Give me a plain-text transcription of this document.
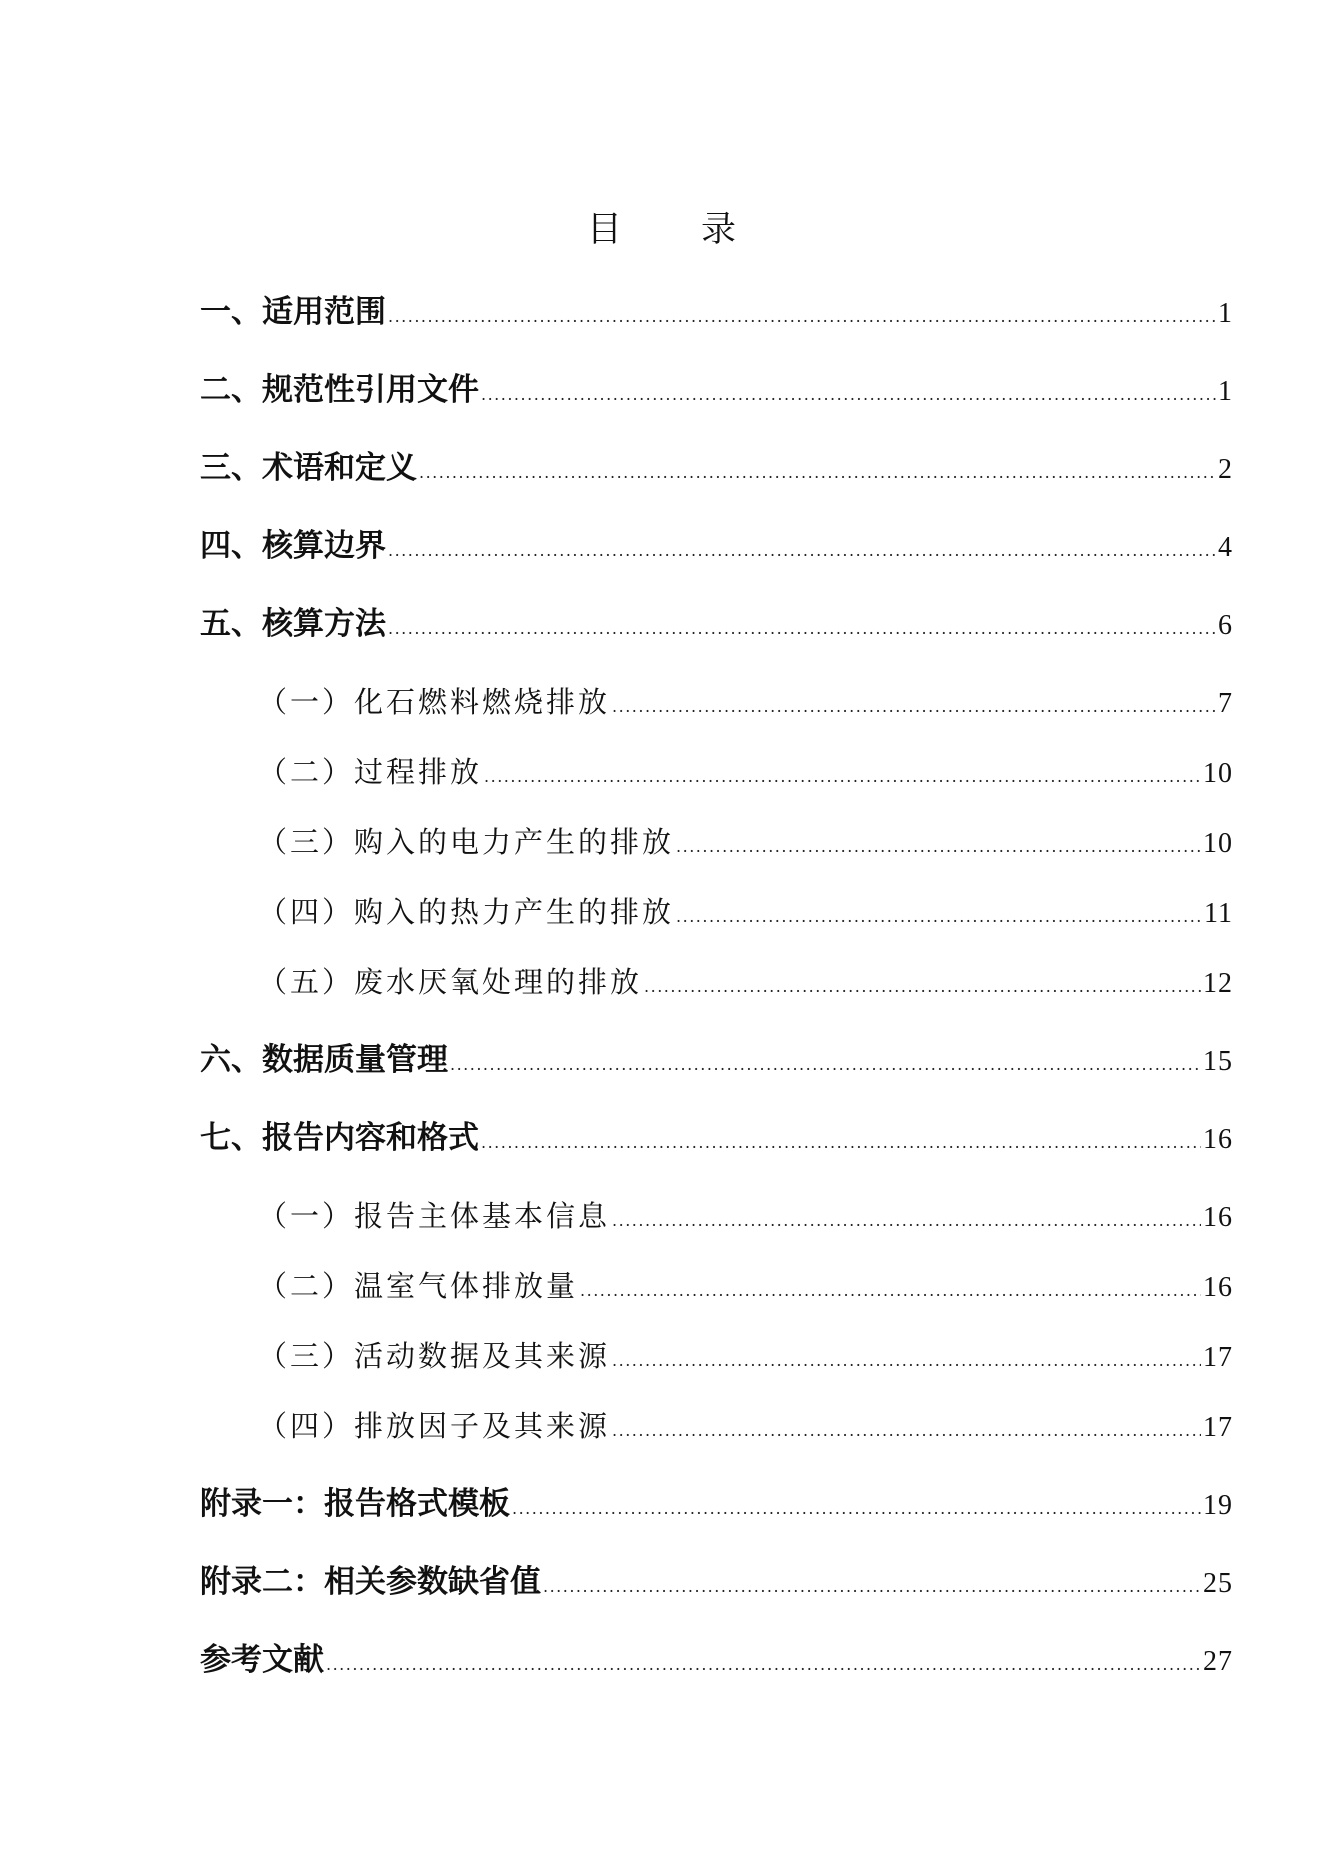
目 录
一、适用范围 .....	1
二、规范性引用文件 .....	1
三、术语和定义 .....	2
四、核算边界 .....	4
五、核算方法 .....	6
（一）化石燃料燃烧排放 .....	7
（二）过程排放 .....	10
（三）购入的电力产生的排放 .....	10
（四）购入的热力产生的排放 .....	11
（五）废水厌氧处理的排放 .....	12
六、数据质量管理 .....	15
七、报告内容和格式 .....	16
（一）报告主体基本信息 .....	16
（二）温室气体排放量 .....	16
（三）活动数据及其来源 .....	17
（四）排放因子及其来源 .....	17
附录一：报告格式模板 .....	19
附录二：相关参数缺省值 .....	25
参考文献 .....	27
